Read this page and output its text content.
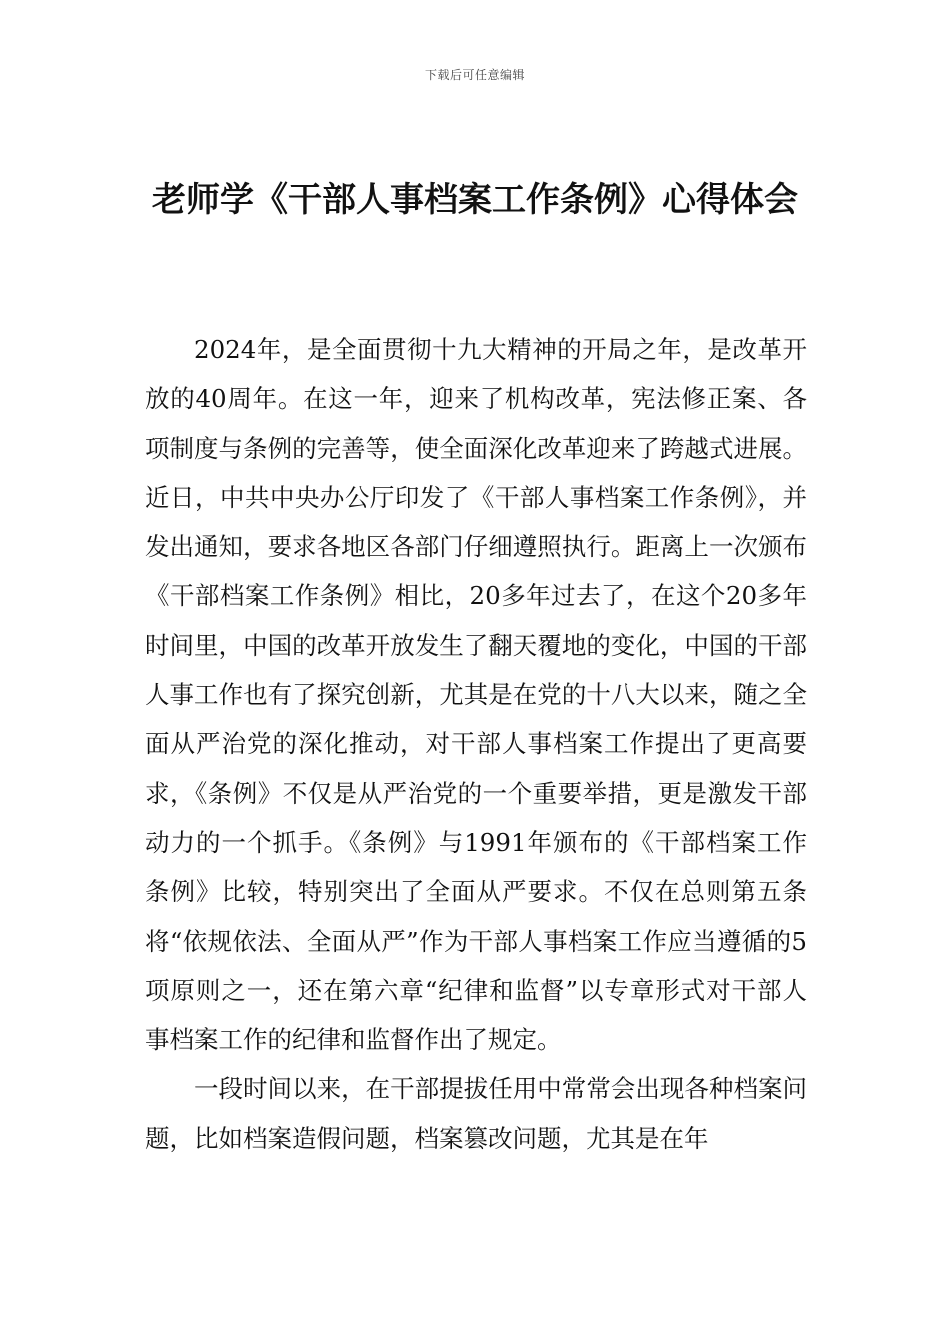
下载后可任意编辑
老师学《干部人事档案工作条例》心得体会

2024年，是全面贯彻十九大精神的开局之年，是改革开放的40周年。在这一年，迎来了机构改革，宪法修正案、各项制度与条例的完善等，使全面深化改革迎来了跨越式进展。 近日，中共中央办公厅印发了《干部人事档案工作条例》，并发出通知，要求各地区各部门仔细遵照执行。距离上一次颁布《干部档案工作条例》相比，20多年过去了，在这个20多年时间里，中国的改革开放发生了翻天覆地的变化，中国的干部人事工作也有了探究创新，尤其是在党的十八大以来，随之全面从严治党的深化推动，对干部人事档案工作提出了更高要求，《条例》不仅是从严治党的一个重要举措，更是激发干部动力的一个抓手。《条例》与1991年颁布的《干部档案工作条例》比较，特别突出了全面从严要求。不仅在总则第五条将“依规依法、全面从严”作为干部人事档案工作应当遵循的5项原则之一，还在第六章“纪律和监督”以专章形式对干部人事档案工作的纪律和监督作出了规定。

一段时间以来，在干部提拔任用中常常会出现各种档案问题，比如档案造假问题，档案篡改问题，尤其是在年
